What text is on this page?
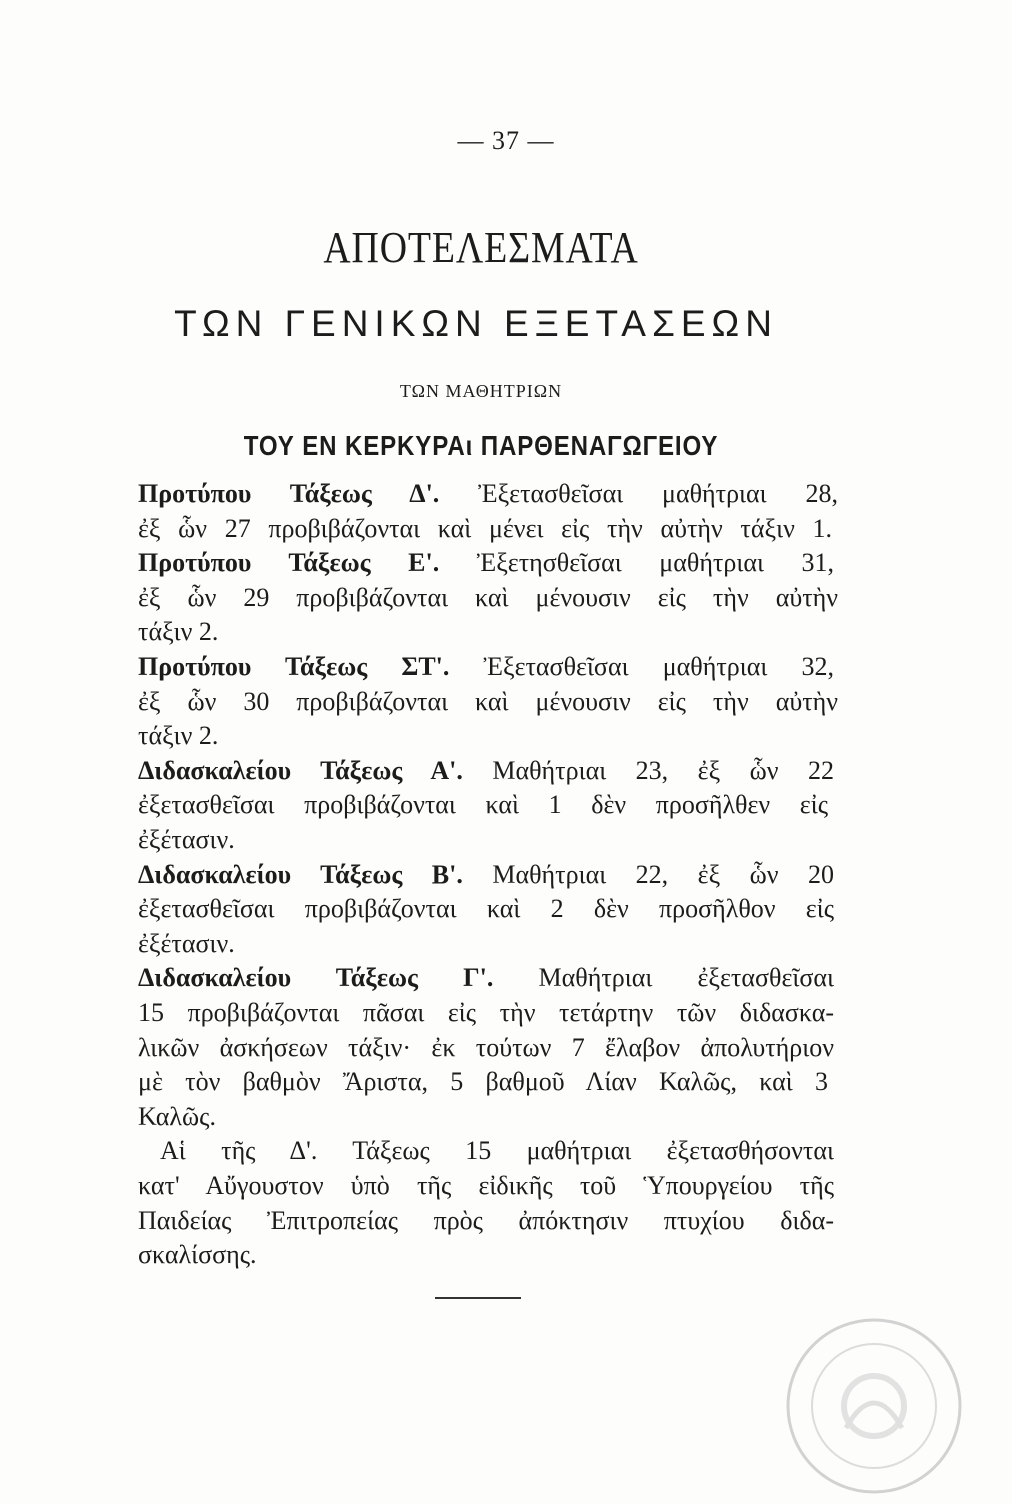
— 37 —
ΑΠΟΤΕΛΕΣΜΑΤΑ
ΤΩΝ ΓΕΝΙΚΩΝ ΕΞΕΤΑΣΕΩΝ
ΤΩΝ ΜΑΘΗΤΡΙΩΝ
ΤΟΥ ΕΝ ΚΕΡΚΥΡΑι ΠΑΡΘΕΝΑΓΩΓΕΙΟΥ
Προτύπου Τάξεως Δ'. Ἐξετασθεῖσαι μαθήτριαι 28,
ἐξ ὧν 27 προβιβάζονται καὶ μένει εἰς τὴν αὐτὴν τάξιν 1.
Προτύπου Τάξεως Ε'. Ἐξετησθεῖσαι μαθήτριαι 31,
ἐξ ὧν 29 προβιβάζονται καὶ μένουσιν εἰς τὴν αὐτὴν
τάξιν 2.
Προτύπου Τάξεως ΣΤ'. Ἐξετασθεῖσαι μαθήτριαι 32,
ἐξ ὧν 30 προβιβάζονται καὶ μένουσιν εἰς τὴν αὐτὴν
τάξιν 2.
Διδασκαλείου Τάξεως Α'. Μαθήτριαι 23, ἐξ ὧν 22
ἐξετασθεῖσαι προβιβάζονται καὶ 1 δὲν προσῆλθεν εἰς
ἐξέτασιν.
Διδασκαλείου Τάξεως Β'. Μαθήτριαι 22, ἐξ ὧν 20
ἐξετασθεῖσαι προβιβάζονται καὶ 2 δὲν προσῆλθον εἰς
ἐξέτασιν.
Διδασκαλείου Τάξεως Γ'. Μαθήτριαι ἐξετασθεῖσαι
15 προβιβάζονται πᾶσαι εἰς τὴν τετάρτην τῶν διδασκα-
λικῶν ἀσκήσεων τάξιν· ἐκ τούτων 7 ἔλαβον ἀπολυτήριον
μὲ τὸν βαθμὸν Ἄριστα, 5 βαθμοῦ Λίαν Καλῶς, καὶ 3
Καλῶς.
Αἱ τῆς Δ'. Τάξεως 15 μαθήτριαι ἐξετασθήσονται
κατ' Αὔγουστον ὑπὸ τῆς εἰδικῆς τοῦ Ὑπουργείου τῆς
Παιδείας Ἐπιτροπείας πρὸς ἀπόκτησιν πτυχίου διδα-
σκαλίσσης.
